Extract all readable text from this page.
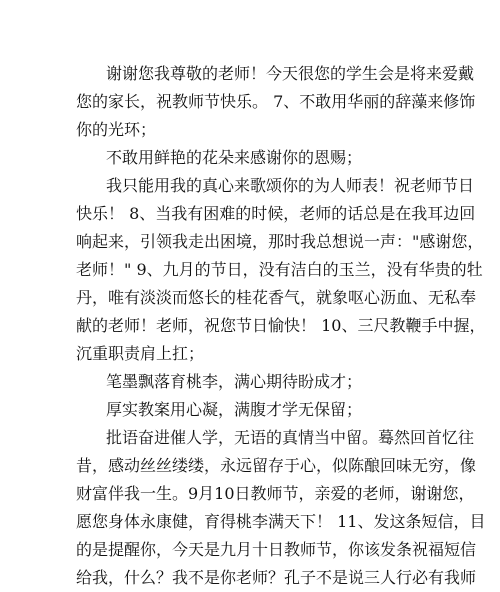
谢谢您我尊敬的老师！今天很您的学生会是将来爱戴
您的家长，祝教师节快乐。 7、不敢用华丽的辞藻来修饰
你的光环；
不敢用鲜艳的花朵来感谢你的恩赐；
我只能用我的真心来歌颂你的为人师表！祝老师节日
快乐！ 8、当我有困难的时候，老师的话总是在我耳边回
响起来，引领我走出困境，那时我总想说一声："感谢您，
老师！" 9、九月的节日，没有洁白的玉兰，没有华贵的牡
丹，唯有淡淡而悠长的桂花香气，就象呕心沥血、无私奉
献的老师！老师，祝您节日愉快！ 10、三尺教鞭手中握，
沉重职责肩上扛；
笔墨飘落育桃李，满心期待盼成才；
厚实教案用心凝，满腹才学无保留；
批语奋进催人学，无语的真情当中留。蓦然回首忆往
昔，感动丝丝缕缕，永远留存于心，似陈酿回味无穷，像
财富伴我一生。9月10日教师节，亲爱的老师，谢谢您，
愿您身体永康健，育得桃李满天下！ 11、发这条短信，目
的是提醒你，今天是九月十日教师节，你该发条祝福短信
给我，什么？我不是你老师？孔子不是说三人行必有我师
